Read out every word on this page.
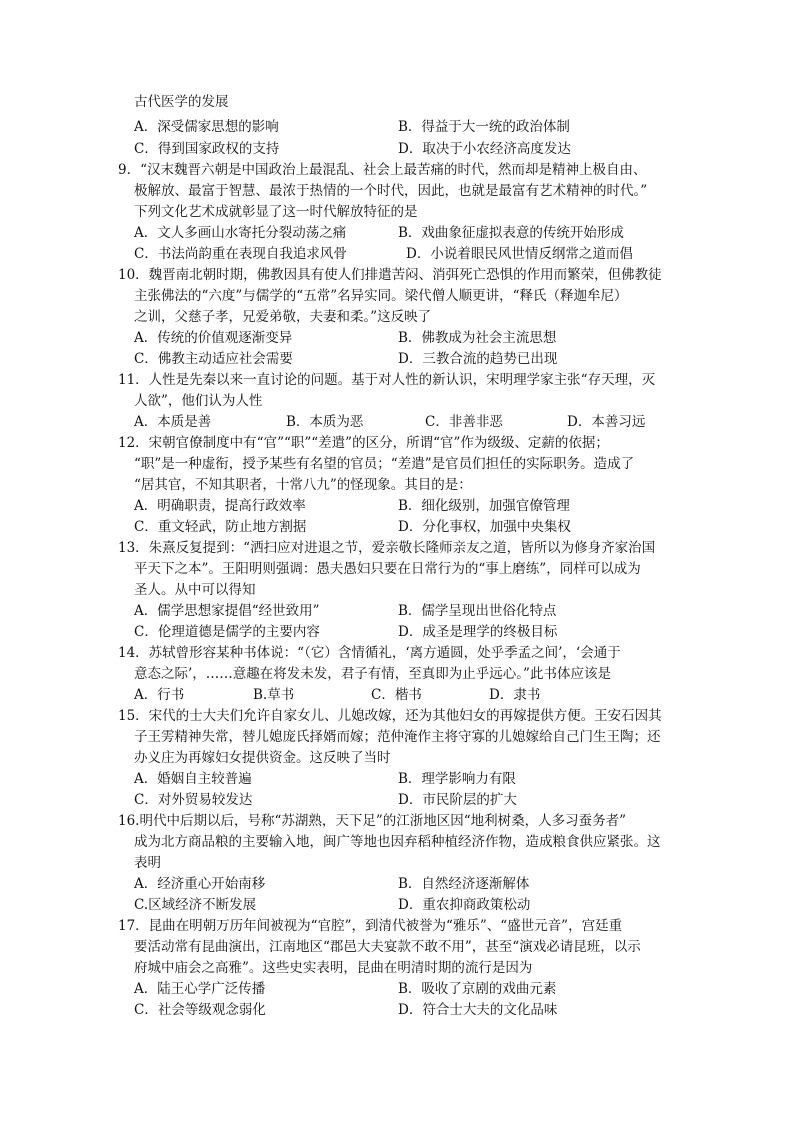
古代医学的发展
A．深受儒家思想的影响	B．得益于大一统的政治体制
C．得到国家政权的支持	D．取决于小农经济高度发达
9．“汉末魏晋六朝是中国政治上最混乱、社会上最苦痛的时代，然而却是精神上极自由、
极解放、最富于智慧、最浓于热情的一个时代，因此，也就是最富有艺术精神的时代。”
下列文化艺术成就彰显了这一时代解放特征的是
A．文人多画山水寄托分裂动荡之痛	B．戏曲象征虚拟表意的传统开始形成
C．书法尚韵重在表现自我追求风骨	D．小说着眼民风世情反纲常之道而倡
10．魏晋南北朝时期，佛教因具有使人们排遣苦闷、消弭死亡恐惧的作用而繁荣，但佛教徒
主张佛法的“六度”与儒学的“五常”名异实同。梁代僧人顺更讲，“释氏（释迦牟尼）
之训，父慈子孝，兄爱弟敬，夫妻和柔。”这反映了
A．传统的价值观逐渐变异	B．佛教成为社会主流思想
C．佛教主动适应社会需要	D．三教合流的趋势已出现
11．人性是先秦以来一直讨论的问题。基于对人性的新认识，宋明理学家主张“存天理，灭
人欲”，他们认为人性
A．本质是善	B．本质为恶	C．非善非恶	D．本善习远
12．宋朝官僚制度中有“官”“职”“差遣”的区分，所谓“官”作为级级、定薪的依据；
“职”是一种虚衔，授予某些有名望的官员；“差遣”是官员们担任的实际职务。造成了
“居其官，不知其职者，十常八九”的怪现象。其目的是：
A．明确职责，提高行政效率	B．细化级别，加强官僚管理
C．重文轻武，防止地方割据	D．分化事权，加强中央集权
13．朱熹反复提到：“洒扫应对进退之节，爱亲敬长隆师亲友之道，皆所以为修身齐家治国
平天下之本”。王阳明则强调：愚夫愚妇只要在日常行为的“事上磨练”，同样可以成为
圣人。从中可以得知
A．儒学思想家提倡“经世致用”	B．儒学呈现出世俗化特点
C．伦理道德是儒学的主要内容	D．成圣是理学的终极目标
14．苏轼曾形容某种书体说：“（它）含情循礼，‘离方遁圆，处乎季孟之间’，‘会通于
意态之际’，……意趣在将发未发，君子有情，至真即为止乎远心。”此书体应该是
A．行书	B.草书	C．楷书	D．隶书
15．宋代的士大夫们允许自家女儿、儿媳改嫁，还为其他妇女的再嫁提供方便。王安石因其
子王雱精神失常，替儿媳庞氏择婿而嫁；范仲淹作主将守寡的儿媳嫁给自己门生王陶；还
办义庄为再嫁妇女提供资金。这反映了当时
A．婚姻自主较普遍	B．理学影响力有限
C．对外贸易较发达	D．市民阶层的扩大
16.明代中后期以后，号称“苏湖熟，天下足”的江浙地区因“地利树桑，人多习蚕务者”
成为北方商品粮的主要输入地，闽广等地也因弃稻种植经济作物，造成粮食供应紧张。这
表明
A．经济重心开始南移	B．自然经济逐渐解体
C.区域经济不断发展	D．重农抑商政策松动
17．昆曲在明朝万历年间被视为“官腔”，到清代被誉为“雅乐”、“盛世元音”，宫廷重
要活动常有昆曲演出，江南地区“郡邑大夫宴款不敢不用”，甚至“演戏必请昆班，以示
府城中庙会之高雅”。这些史实表明，昆曲在明清时期的流行是因为
A．陆王心学广泛传播	B．吸收了京剧的戏曲元素
C．社会等级观念弱化	D．符合士大夫的文化品味
